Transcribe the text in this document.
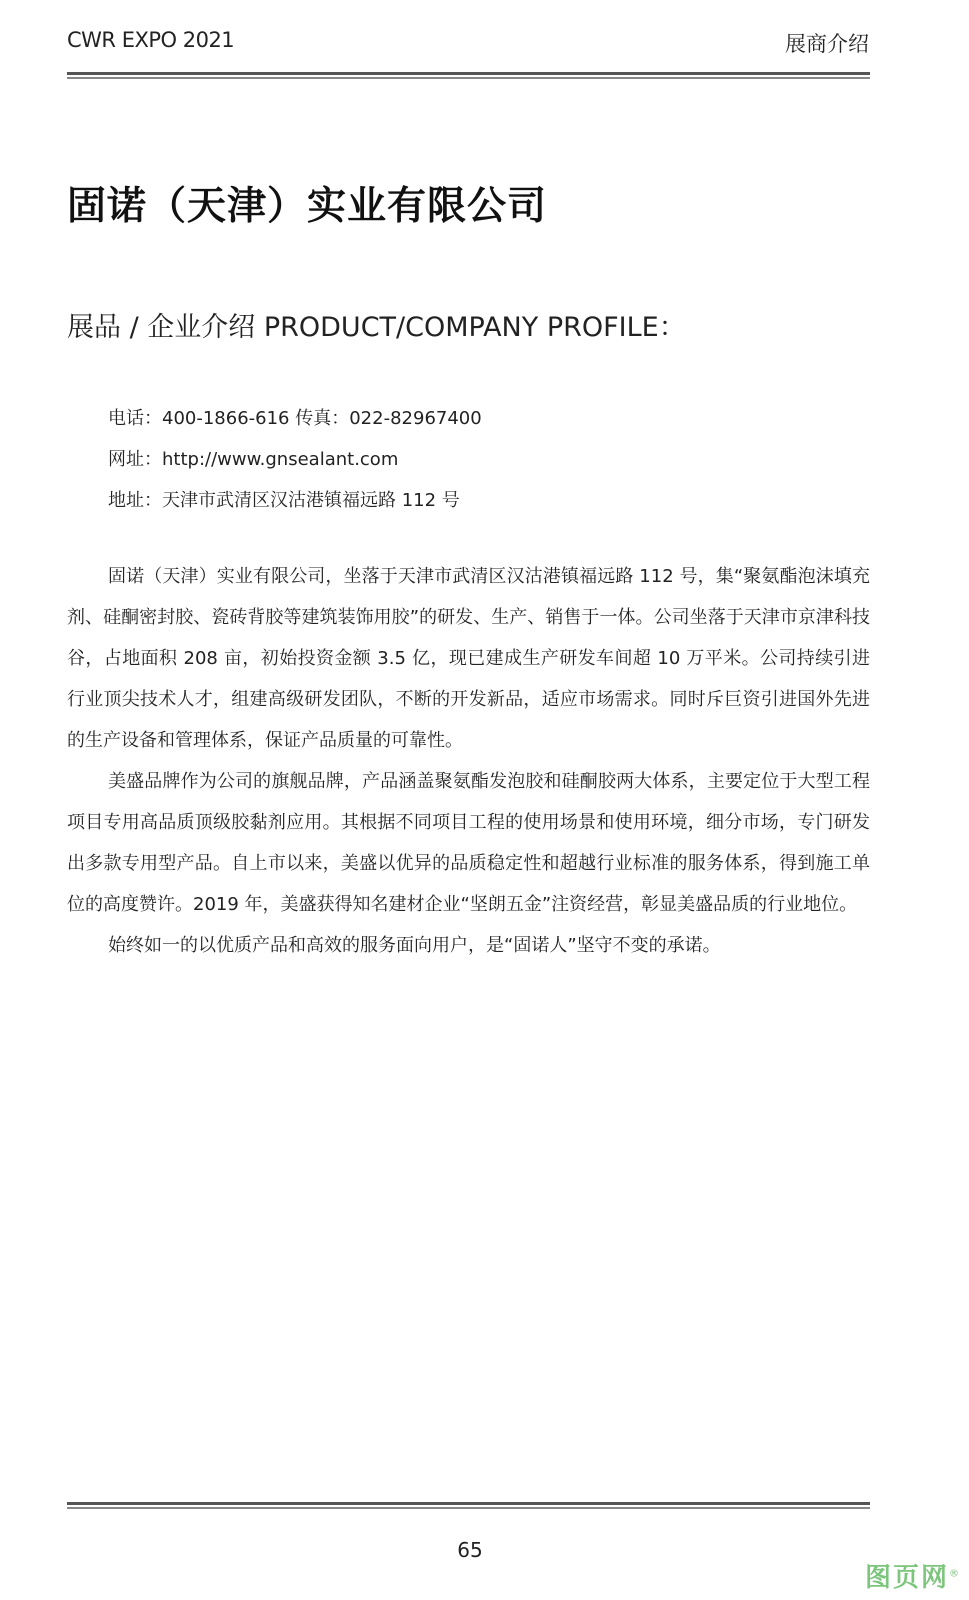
CWR EXPO 2021	展商介绍
固诺（天津）实业有限公司
展品 / 企业介绍 PRODUCT/COMPANY PROFILE：
电话：400-1866-616 传真：022-82967400
网址：http://www.gnsealant.com
地址：天津市武清区汉沽港镇福远路 112 号

固诺（天津）实业有限公司，坐落于天津市武清区汉沽港镇福远路 112 号，集“聚氨酯泡沫填充剂、硅酮密封胶、瓷砖背胶等建筑装饰用胶”的研发、生产、销售于一体。公司坐落于天津市京津科技谷，占地面积 208 亩，初始投资金额 3.5 亿，现已建成生产研发车间超 10 万平米。公司持续引进行业顶尖技术人才，组建高级研发团队，不断的开发新品，适应市场需求。同时斥巨资引进国外先进的生产设备和管理体系，保证产品质量的可靠性。

美盛品牌作为公司的旗舰品牌，产品涵盖聚氨酯发泡胶和硅酮胶两大体系，主要定位于大型工程项目专用高品质顶级胶黏剂应用。其根据不同项目工程的使用场景和使用环境，细分市场，专门研发出多款专用型产品。自上市以来，美盛以优异的品质稳定性和超越行业标准的服务体系，得到施工单位的高度赞许。2019 年，美盛获得知名建材企业“坚朗五金”注资经营，彰显美盛品质的行业地位。

始终如一的以优质产品和高效的服务面向用户，是“固诺人”坚守不变的承诺。

65
图页网®
